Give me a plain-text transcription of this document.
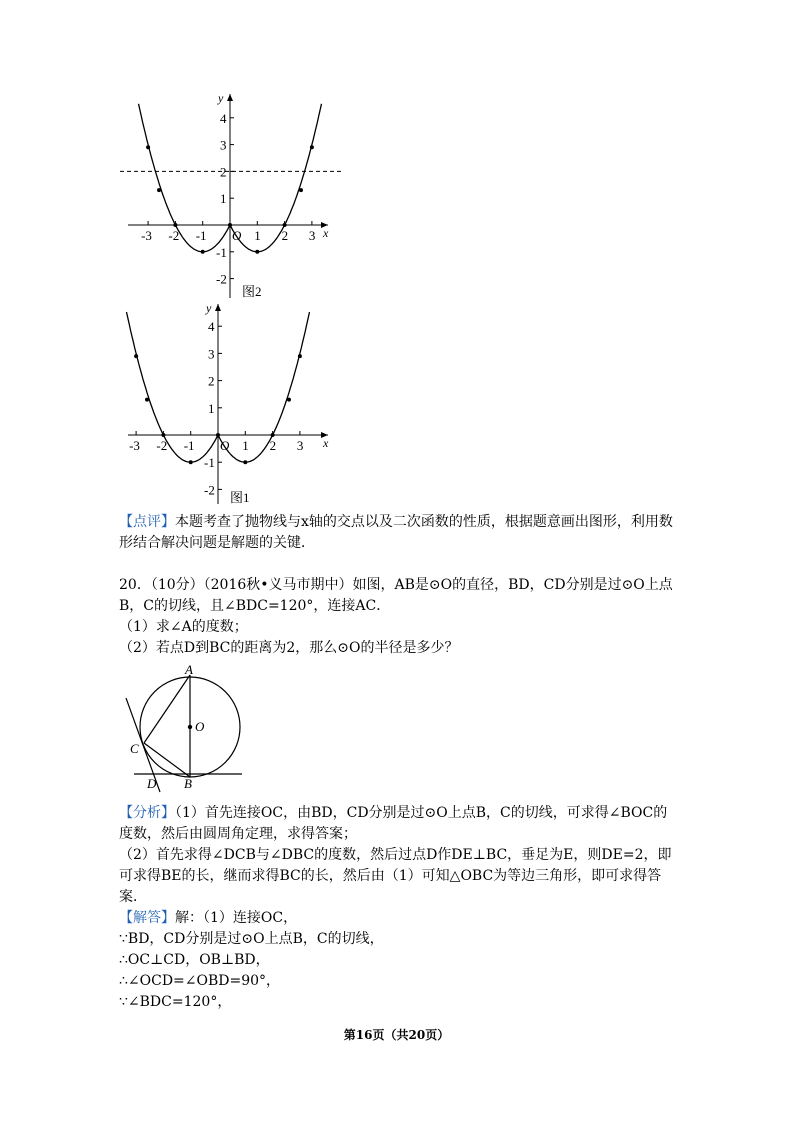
-3 -2 -1	1 2 3
4
3
2
1
-1
-2
y
x
O
图2
-3 -2 -1	1 2 3
4
3
2
1
-1
-2
y
x
O
图1
【点评】本题考查了抛物线与x轴的交点以及二次函数的性质，根据题意画出图形，利用数形结合解决问题是解题的关键．

20．（10分）（2016秋•义马市期中）如图，AB是⊙O的直径，BD，CD分别是过⊙O上点B，C的切线，且∠BDC=120°，连接AC．

（1）求∠A的度数；

（2）若点D到BC的距离为2，那么⊙O的半径是多少？

A
O
C
D B

【分析】（1）首先连接OC，由BD，CD分别是过⊙O上点B，C的切线，可求得∠BOC的度数，然后由圆周角定理，求得答案；

（2）首先求得∠DCB与∠DBC的度数，然后过点D作DE⊥BC，垂足为E，则DE=2，即可求得BE的长，继而求得BC的长，然后由（1）可知△OBC为等边三角形，即可求得答案．

【解答】解：（1）连接OC，

∵BD，CD分别是过⊙O上点B，C的切线，

∴OC⊥CD，OB⊥BD，

∴∠OCD=∠OBD=90°，

∵∠BDC=120°，

第16页（共20页）
